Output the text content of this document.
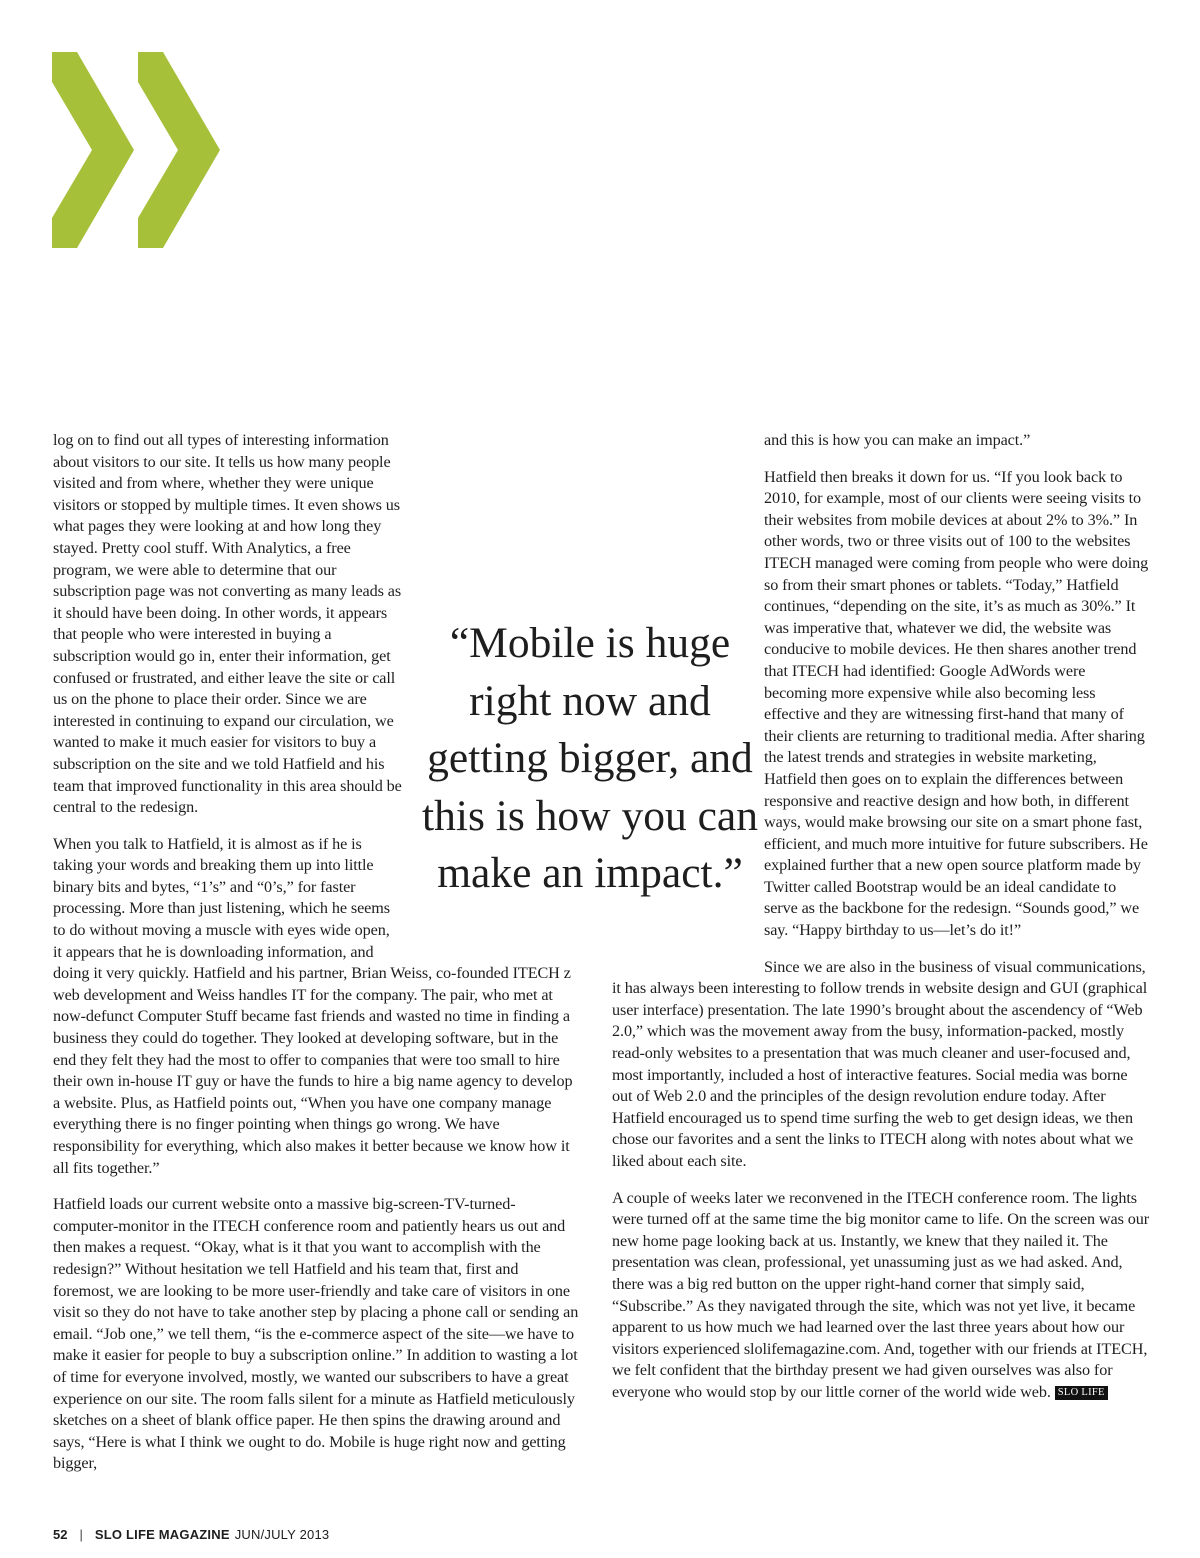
log on to find out all types of interesting information about visitors to our site. It tells us how many people visited and from where, whether they were unique visitors or stopped by multiple times. It even shows us what pages they were looking at and how long they stayed. Pretty cool stuff. With Analytics, a free program, we were able to determine that our subscription page was not converting as many leads as it should have been doing. In other words, it appears that people who were interested in buying a subscription would go in, enter their information, get confused or frustrated, and either leave the site or call us on the phone to place their order. Since we are interested in continuing to expand our circulation, we wanted to make it much easier for visitors to buy a subscription on the site and we told Hatfield and his team that improved functionality in this area should be central to the redesign.

When you talk to Hatfield, it is almost as if he is taking your words and breaking them up into little binary bits and bytes, “1’s” and “0’s,” for faster processing. More than just listening, which he seems to do without moving a muscle with eyes wide open, it appears that he is downloading information, and doing it very quickly. Hatfield and his partner, Brian Weiss, co-founded ITECH z web development and Weiss handles IT for the company. The pair, who met at now-defunct Computer Stuff became fast friends and wasted no time in finding a business they could do together. They looked at developing software, but in the end they felt they had the most to offer to companies that were too small to hire their own in-house IT guy or have the funds to hire a big name agency to develop a website. Plus, as Hatfield points out, “When you have one company manage everything there is no finger pointing when things go wrong. We have responsibility for everything, which also makes it better because we know how it all fits together.”

Hatfield loads our current website onto a massive big-screen-TV-turned-computer-monitor in the ITECH conference room and patiently hears us out and then makes a request. “Okay, what is it that you want to accomplish with the redesign?” Without hesitation we tell Hatfield and his team that, first and foremost, we are looking to be more user-friendly and take care of visitors in one visit so they do not have to take another step by placing a phone call or sending an email. “Job one,” we tell them, “is the e-commerce aspect of the site—we have to make it easier for people to buy a subscription online.” In addition to wasting a lot of time for everyone involved, mostly, we wanted our subscribers to have a great experience on our site. The room falls silent for a minute as Hatfield meticulously sketches on a sheet of blank office paper. He then spins the drawing around and says, “Here is what I think we ought to do. Mobile is huge right now and getting bigger,

“Mobile is huge right now and getting bigger, and this is how you can make an impact.”

and this is how you can make an impact.”

Hatfield then breaks it down for us. “If you look back to 2010, for example, most of our clients were seeing visits to their websites from mobile devices at about 2% to 3%.” In other words, two or three visits out of 100 to the websites ITECH managed were coming from people who were doing so from their smart phones or tablets. “Today,” Hatfield continues, “depending on the site, it’s as much as 30%.” It was imperative that, whatever we did, the website was conducive to mobile devices. He then shares another trend that ITECH had identified: Google AdWords were becoming more expensive while also becoming less effective and they are witnessing first-hand that many of their clients are returning to traditional media. After sharing the latest trends and strategies in website marketing, Hatfield then goes on to explain the differences between responsive and reactive design and how both, in different ways, would make browsing our site on a smart phone fast, efficient, and much more intuitive for future subscribers. He explained further that a new open source platform made by Twitter called Bootstrap would be an ideal candidate to serve as the backbone for the redesign. “Sounds good,” we say. “Happy birthday to us—let’s do it!”

Since we are also in the business of visual communications, it has always been interesting to follow trends in website design and GUI (graphical user interface) presentation. The late 1990’s brought about the ascendency of “Web 2.0,” which was the movement away from the busy, information-packed, mostly read-only websites to a presentation that was much cleaner and user-focused and, most importantly, included a host of interactive features. Social media was borne out of Web 2.0 and the principles of the design revolution endure today. After Hatfield encouraged us to spend time surfing the web to get design ideas, we then chose our favorites and a sent the links to ITECH along with notes about what we liked about each site.

A couple of weeks later we reconvened in the ITECH conference room. The lights were turned off at the same time the big monitor came to life. On the screen was our new home page looking back at us. Instantly, we knew that they nailed it. The presentation was clean, professional, yet unassuming just as we had asked. And, there was a big red button on the upper right-hand corner that simply said, “Subscribe.” As they navigated through the site, which was not yet live, it became apparent to us how much we had learned over the last three years about how our visitors experienced slolifemagazine.com. And, together with our friends at ITECH, we felt confident that the birthday present we had given ourselves was also for everyone who would stop by our little corner of the world wide web. SLO LIFE

52 | SLO LIFE MAGAZINE JUN/JULY 2013
